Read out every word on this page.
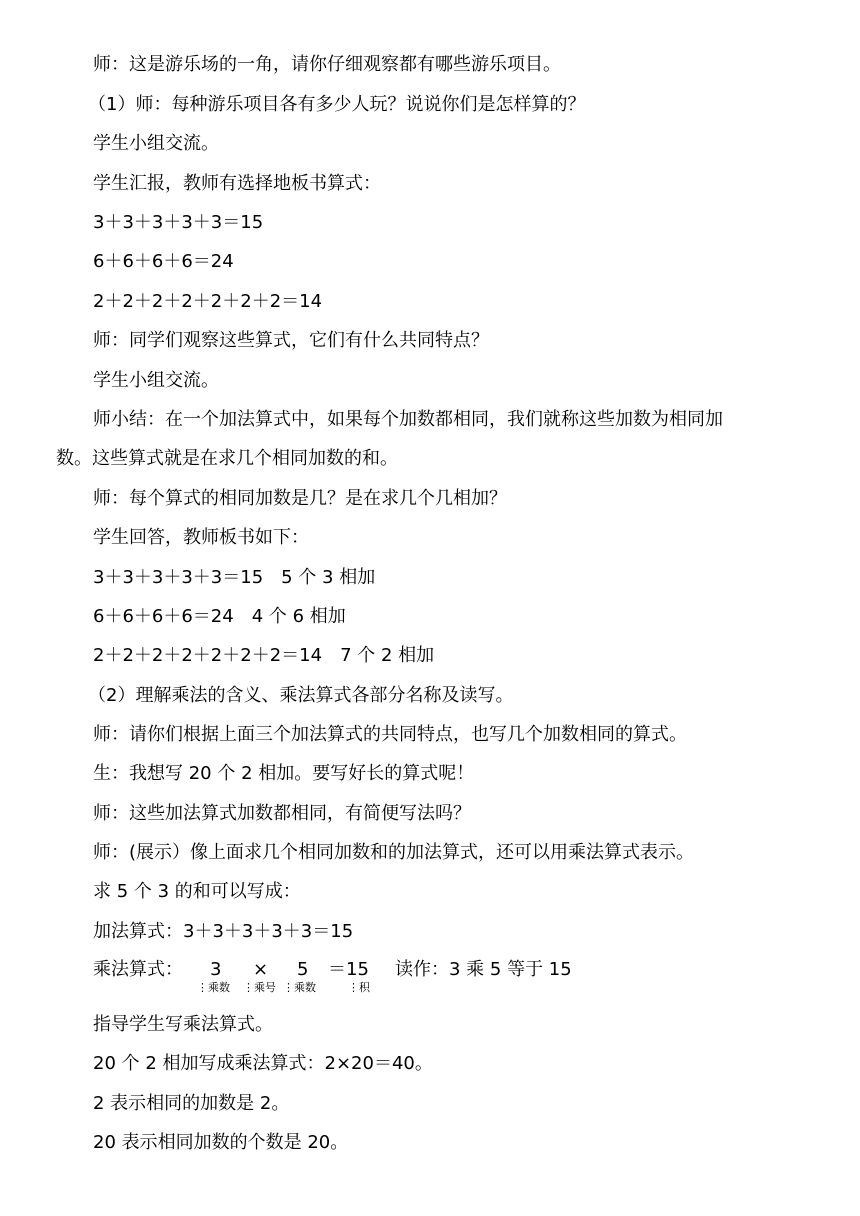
师：这是游乐场的一角，请你仔细观察都有哪些游乐项目。
（1）师：每种游乐项目各有多少人玩？说说你们是怎样算的？
学生小组交流。
学生汇报，教师有选择地板书算式：
3＋3＋3＋3＋3＝15
6＋6＋6＋6＝24
2＋2＋2＋2＋2＋2＋2＝14
师：同学们观察这些算式，它们有什么共同特点？
学生小组交流。
师小结：在一个加法算式中，如果每个加数都相同，我们就称这些加数为相同加
数。这些算式就是在求几个相同加数的和。
师：每个算式的相同加数是几？是在求几个几相加？
学生回答，教师板书如下：
3＋3＋3＋3＋3＝15　5 个 3 相加
6＋6＋6＋6＝24　4 个 6 相加
2＋2＋2＋2＋2＋2＋2＝14　7 个 2 相加
（2）理解乘法的含义、乘法算式各部分名称及读写。
师：请你们根据上面三个加法算式的共同特点，也写几个加数相同的算式。
生：我想写 20 个 2 相加。要写好长的算式呢！
师：这些加法算式加数都相同，有简便写法吗？
师：(展示）像上面求几个相同加数和的加法算式，还可以用乘法算式表示。
求 5 个 3 的和可以写成：
加法算式：3＋3＋3＋3＋3＝15
乘法算式： 3 × 5 ＝15 读作：3 乘 5 等于 15
⋮乘数 ⋮乘号 ⋮乘数	⋮积
指导学生写乘法算式。
20 个 2 相加写成乘法算式：2×20＝40。
2 表示相同的加数是 2。
20 表示相同加数的个数是 20。
